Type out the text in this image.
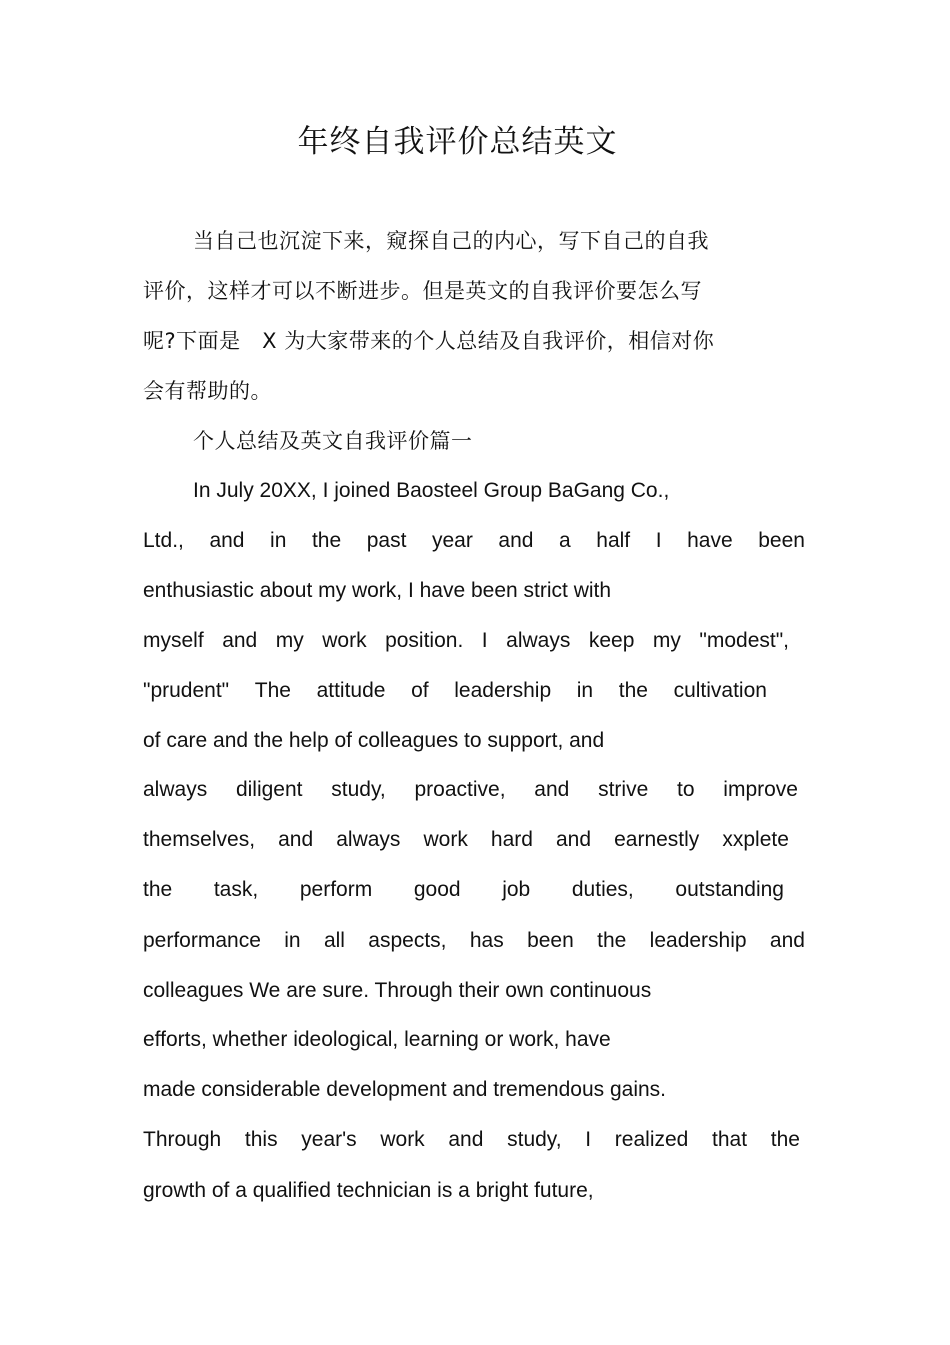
年终自我评价总结英文
当自己也沉淀下来，窥探自己的内心，写下自己的自我
评价，这样才可以不断进步。但是英文的自我评价要怎么写
呢?下面是　X 为大家带来的个人总结及自我评价，相信对你
会有帮助的。
个人总结及英文自我评价篇一
In July 20XX, I joined Baosteel Group BaGang Co.,
Ltd., and in the past year and a half I have been
enthusiastic about my work, I have been strict with
myself and my work position. I always keep my "modest",
"prudent" The attitude of leadership in the cultivation
of care and the help of colleagues to support, and
always diligent study, proactive, and strive to improve
themselves, and always work hard and earnestly xxplete
the task, perform good job duties, outstanding
performance in all aspects, has been the leadership and
colleagues We are sure. Through their own continuous
efforts, whether ideological, learning or work, have
made considerable development and tremendous gains.
Through this year's work and study, I realized that the
growth of a qualified technician is a bright future,
